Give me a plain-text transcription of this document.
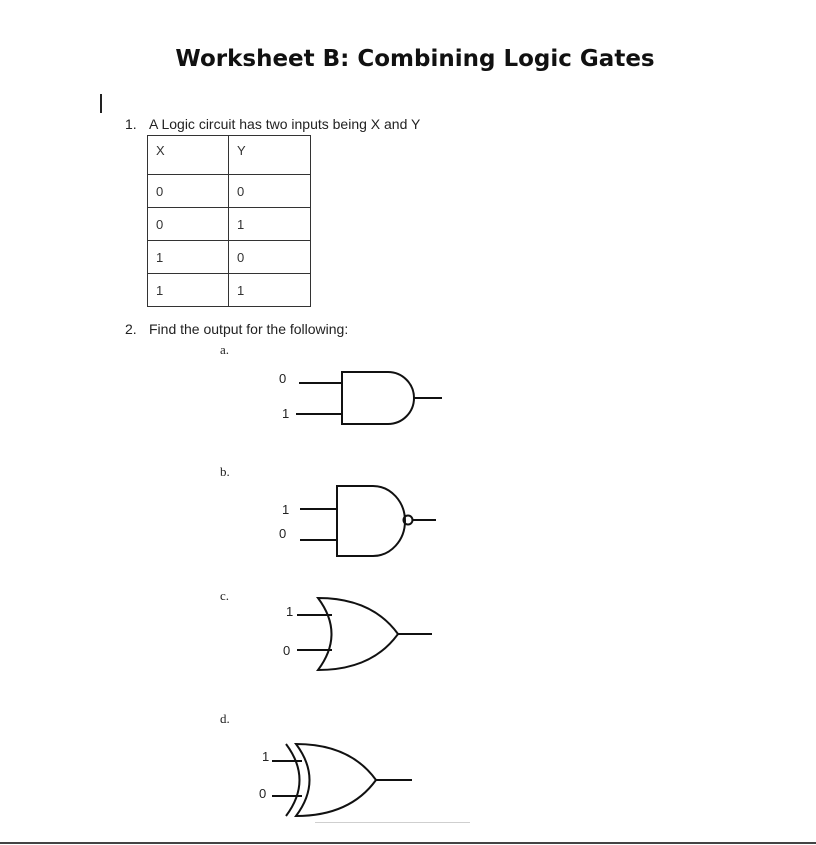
Worksheet B: Combining Logic Gates
1. A Logic circuit has two inputs being X and Y
X	Y
0	0
0	1
1	0
1	1
2. Find the output for the following:
a.
b.
c.
d.
0
1
1
0
1
0
1
0
